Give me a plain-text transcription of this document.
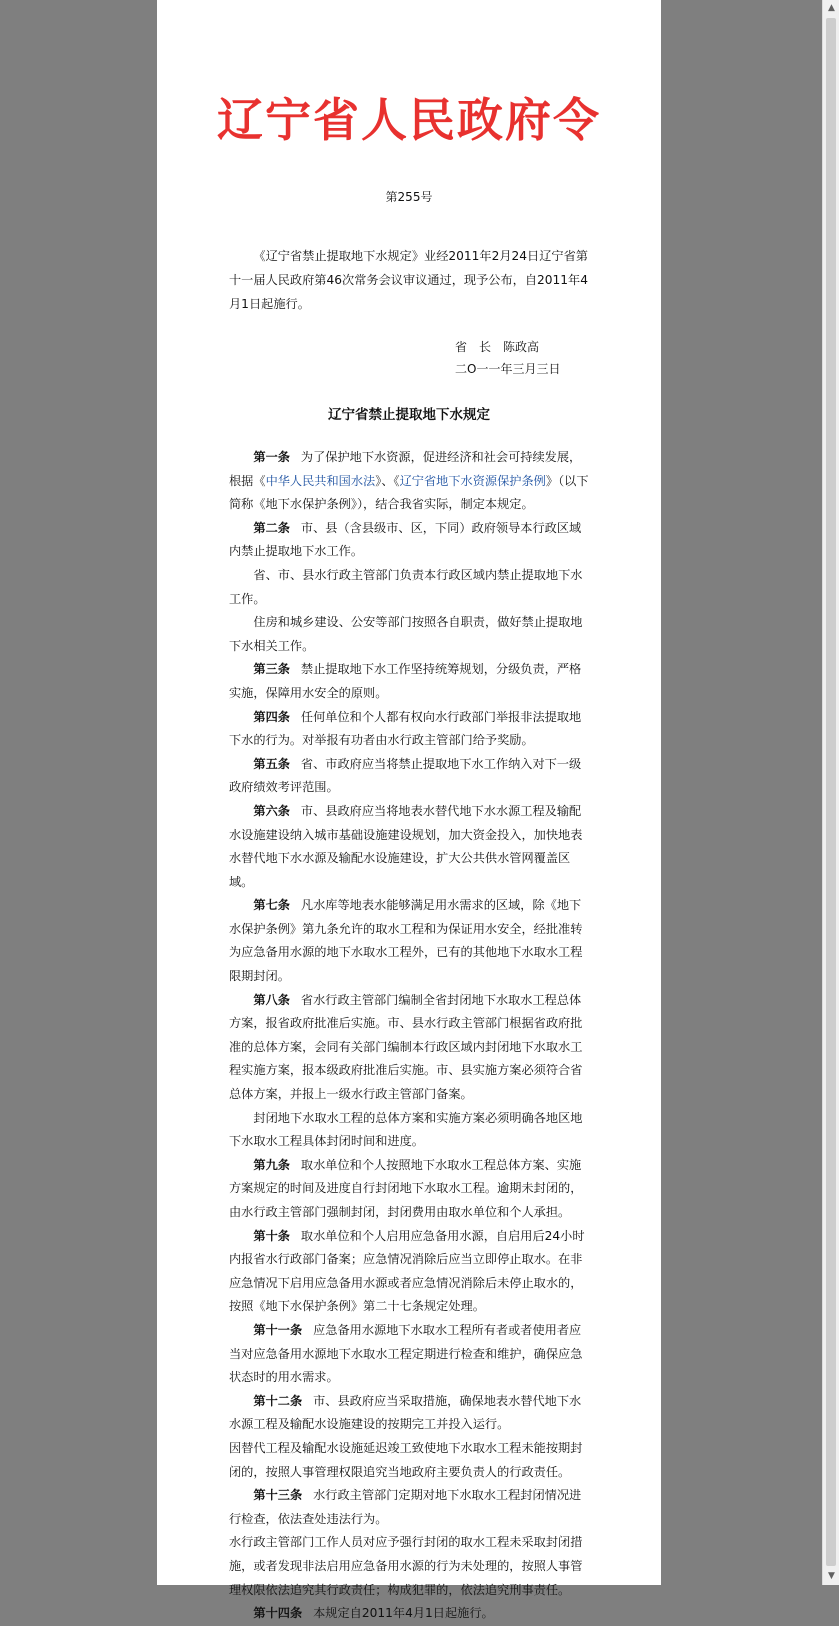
辽宁省人民政府令
第255号

《辽宁省禁止提取地下水规定》业经2011年2月24日辽宁省第十一届人民政府第46次常务会议审议通过，现予公布，自2011年4月1日起施行。

省　长　陈政高
二O一一年三月三日
辽宁省禁止提取地下水规定

第一条 为了保护地下水资源，促进经济和社会可持续发展，根据《中华人民共和国水法》、《辽宁省地下水资源保护条例》（以下简称《地下水保护条例》），结合我省实际，制定本规定。

第二条 市、县（含县级市、区，下同）政府领导本行政区域内禁止提取地下水工作。

省、市、县水行政主管部门负责本行政区域内禁止提取地下水工作。

住房和城乡建设、公安等部门按照各自职责，做好禁止提取地下水相关工作。

第三条 禁止提取地下水工作坚持统筹规划，分级负责，严格实施，保障用水安全的原则。

第四条 任何单位和个人都有权向水行政部门举报非法提取地下水的行为。对举报有功者由水行政主管部门给予奖励。

第五条 省、市政府应当将禁止提取地下水工作纳入对下一级政府绩效考评范围。

第六条 市、县政府应当将地表水替代地下水水源工程及输配水设施建设纳入城市基础设施建设规划，加大资金投入，加快地表水替代地下水水源及输配水设施建设，扩大公共供水管网覆盖区域。

第七条 凡水库等地表水能够满足用水需求的区域，除《地下水保护条例》第九条允许的取水工程和为保证用水安全，经批准转为应急备用水源的地下水取水工程外，已有的其他地下水取水工程限期封闭。

第八条 省水行政主管部门编制全省封闭地下水取水工程总体方案，报省政府批准后实施。市、县水行政主管部门根据省政府批准的总体方案，会同有关部门编制本行政区域内封闭地下水取水工程实施方案，报本级政府批准后实施。市、县实施方案必须符合省总体方案，并报上一级水行政主管部门备案。

封闭地下水取水工程的总体方案和实施方案必须明确各地区地下水取水工程具体封闭时间和进度。

第九条 取水单位和个人按照地下水取水工程总体方案、实施方案规定的时间及进度自行封闭地下水取水工程。逾期未封闭的，由水行政主管部门强制封闭，封闭费用由取水单位和个人承担。

第十条 取水单位和个人启用应急备用水源，自启用后24小时内报省水行政部门备案；应急情况消除后应当立即停止取水。在非应急情况下启用应急备用水源或者应急情况消除后未停止取水的，按照《地下水保护条例》第二十七条规定处理。

第十一条 应急备用水源地下水取水工程所有者或者使用者应当对应急备用水源地下水取水工程定期进行检查和维护，确保应急状态时的用水需求。

第十二条 市、县政府应当采取措施，确保地表水替代地下水水源工程及输配水设施建设的按期完工并投入运行。

因替代工程及输配水设施延迟竣工致使地下水取水工程未能按期封闭的，按照人事管理权限追究当地政府主要负责人的行政责任。

第十三条 水行政主管部门定期对地下水取水工程封闭情况进行检查，依法查处违法行为。

水行政主管部门工作人员对应予强行封闭的取水工程未采取封闭措施，或者发现非法启用应急备用水源的行为未处理的，按照人事管理权限依法追究其行政责任；构成犯罪的，依法追究刑事责任。

第十四条 本规定自2011年4月1日起施行。

▲
▼
